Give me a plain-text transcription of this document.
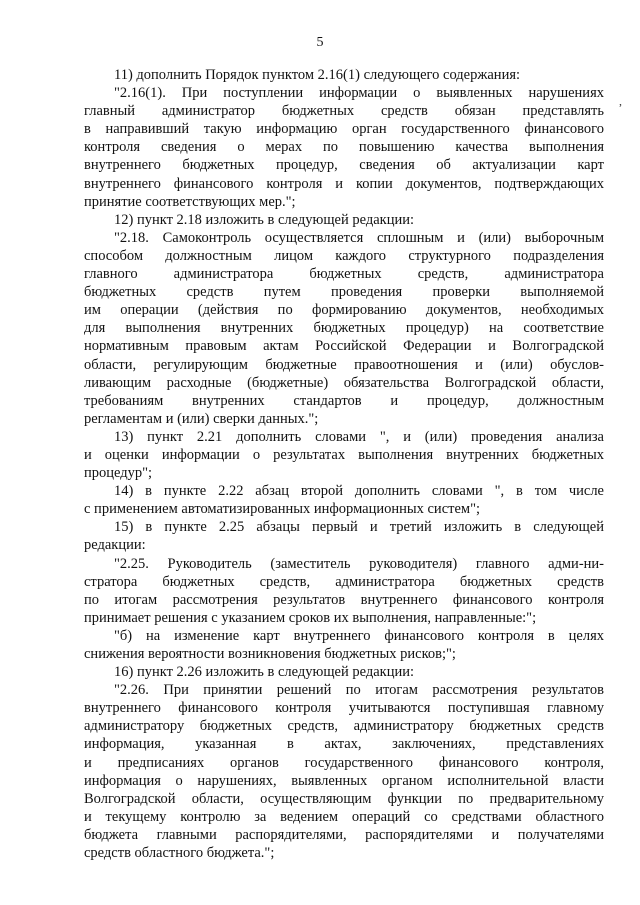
5
,
11) дополнить Порядок пунктом 2.16(1) следующего содержания:
"2.16(1). При поступлении информации о выявленных нарушениях
главный администратор бюджетных средств обязан представлять
в направивший такую информацию орган государственного финансового
контроля сведения о мерах по повышению качества выполнения
внутреннего бюджетных процедур, сведения об актуализации карт
внутреннего финансового контроля и копии документов, подтверждающих
принятие соответствующих мер.";
12) пункт 2.18 изложить в следующей редакции:
"2.18. Самоконтроль осуществляется сплошным и (или) выборочным
способом должностным лицом каждого структурного подразделения
главного администратора бюджетных средств, администратора
бюджетных средств путем проведения проверки выполняемой
им операции (действия по формированию документов, необходимых
для выполнения внутренних бюджетных процедур) на соответствие
нормативным правовым актам Российской Федерации и Волгоградской
области, регулирующим бюджетные правоотношения и (или) обуслов-
ливающим расходные (бюджетные) обязательства Волгоградской области,
требованиям внутренних стандартов и процедур, должностным
регламентам и (или) сверки данных.";
13) пункт 2.21 дополнить словами ", и (или) проведения анализа
и оценки информации о результатах выполнения внутренних бюджетных
процедур";
14) в пункте 2.22 абзац второй дополнить словами ", в том числе
с применением автоматизированных информационных систем";
15) в пункте 2.25 абзацы первый и третий изложить в следующей
редакции:
"2.25. Руководитель (заместитель руководителя) главного адми-ни-
стратора бюджетных средств, администратора бюджетных средств
по итогам рассмотрения результатов внутреннего финансового контроля
принимает решения с указанием сроков их выполнения, направленные:";
"б) на изменение карт внутреннего финансового контроля в целях
снижения вероятности возникновения бюджетных рисков;";
16) пункт 2.26 изложить в следующей редакции:
"2.26. При принятии решений по итогам рассмотрения результатов
внутреннего финансового контроля учитываются поступившая главному
администратору бюджетных средств, администратору бюджетных средств
информация, указанная в актах, заключениях, представлениях
и предписаниях органов государственного финансового контроля,
информация о нарушениях, выявленных органом исполнительной власти
Волгоградской области, осуществляющим функции по предварительному
и текущему контролю за ведением операций со средствами областного
бюджета главными распорядителями, распорядителями и получателями
средств областного бюджета.";
